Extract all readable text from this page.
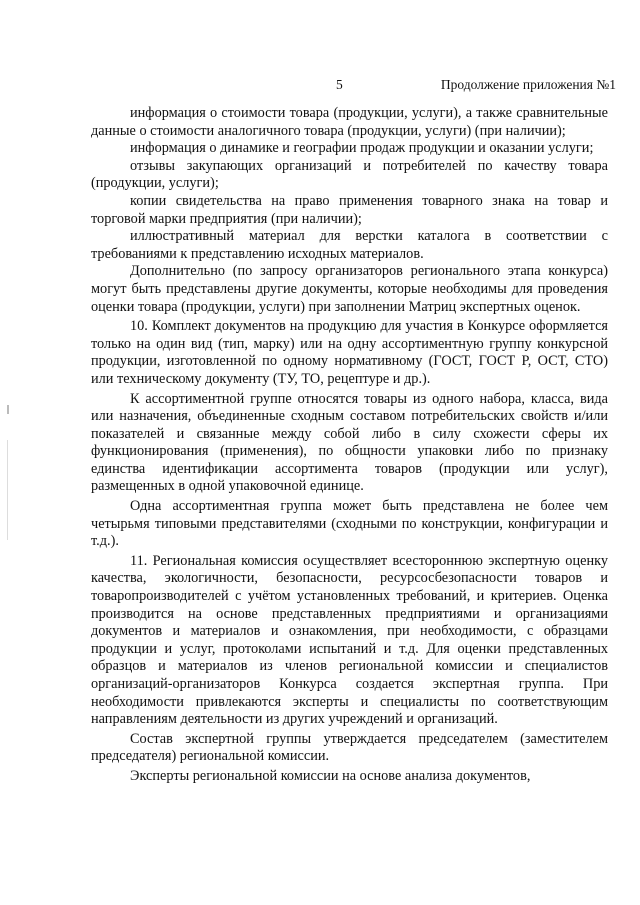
5	Продолжение приложения №1

информация о стоимости товара (продукции, услуги), а также сравнительные данные о стоимости аналогичного товара (продукции, услуги) (при наличии);

информация о динамике и географии продаж продукции и оказании услуги;

отзывы закупающих организаций и потребителей по качеству товара (продукции, услуги);

копии свидетельства на право применения товарного знака на товар и торговой марки предприятия (при наличии);

иллюстративный материал для верстки каталога в соответствии с требованиями к представлению исходных материалов.

Дополнительно (по запросу организаторов регионального этапа конкурса) могут быть представлены другие документы, которые необходимы для проведения оценки товара (продукции, услуги) при заполнении Матриц экспертных оценок.

10. Комплект документов на продукцию для участия в Конкурсе оформляется только на один вид (тип, марку) или на одну ассортиментную группу конкурсной продукции, изготовленной по одному нормативному (ГОСТ, ГОСТ Р, ОСТ, СТО) или техническому документу (ТУ, ТО, рецептуре и др.).

К ассортиментной группе относятся товары из одного набора, класса, вида или назначения, объединенные сходным составом потребительских свойств и/или показателей и связанные между собой либо в силу схожести сферы их функционирования (применения), по общности упаковки либо по признаку единства идентификации ассортимента товаров (продукции или услуг), размещенных в одной упаковочной единице.

Одна ассортиментная группа может быть представлена не более чем четырьмя типовыми представителями (сходными по конструкции, конфигурации и т.д.).

11. Региональная комиссия осуществляет всестороннюю экспертную оценку качества, экологичности, безопасности, ресурсосбезопасности товаров и товаропроизводителей с учётом установленных требований, и критериев. Оценка производится на основе представленных предприятиями и организациями документов и материалов и ознакомления, при необходимости, с образцами продукции и услуг, протоколами испытаний и т.д. Для оценки представленных образцов и материалов из членов региональной комиссии и специалистов организаций-организаторов Конкурса создается экспертная группа. При необходимости привлекаются эксперты и специалисты по соответствующим направлениям деятельности из других учреждений и организаций.

Состав экспертной группы утверждается председателем (заместителем председателя) региональной комиссии.

Эксперты региональной комиссии на основе анализа документов,
